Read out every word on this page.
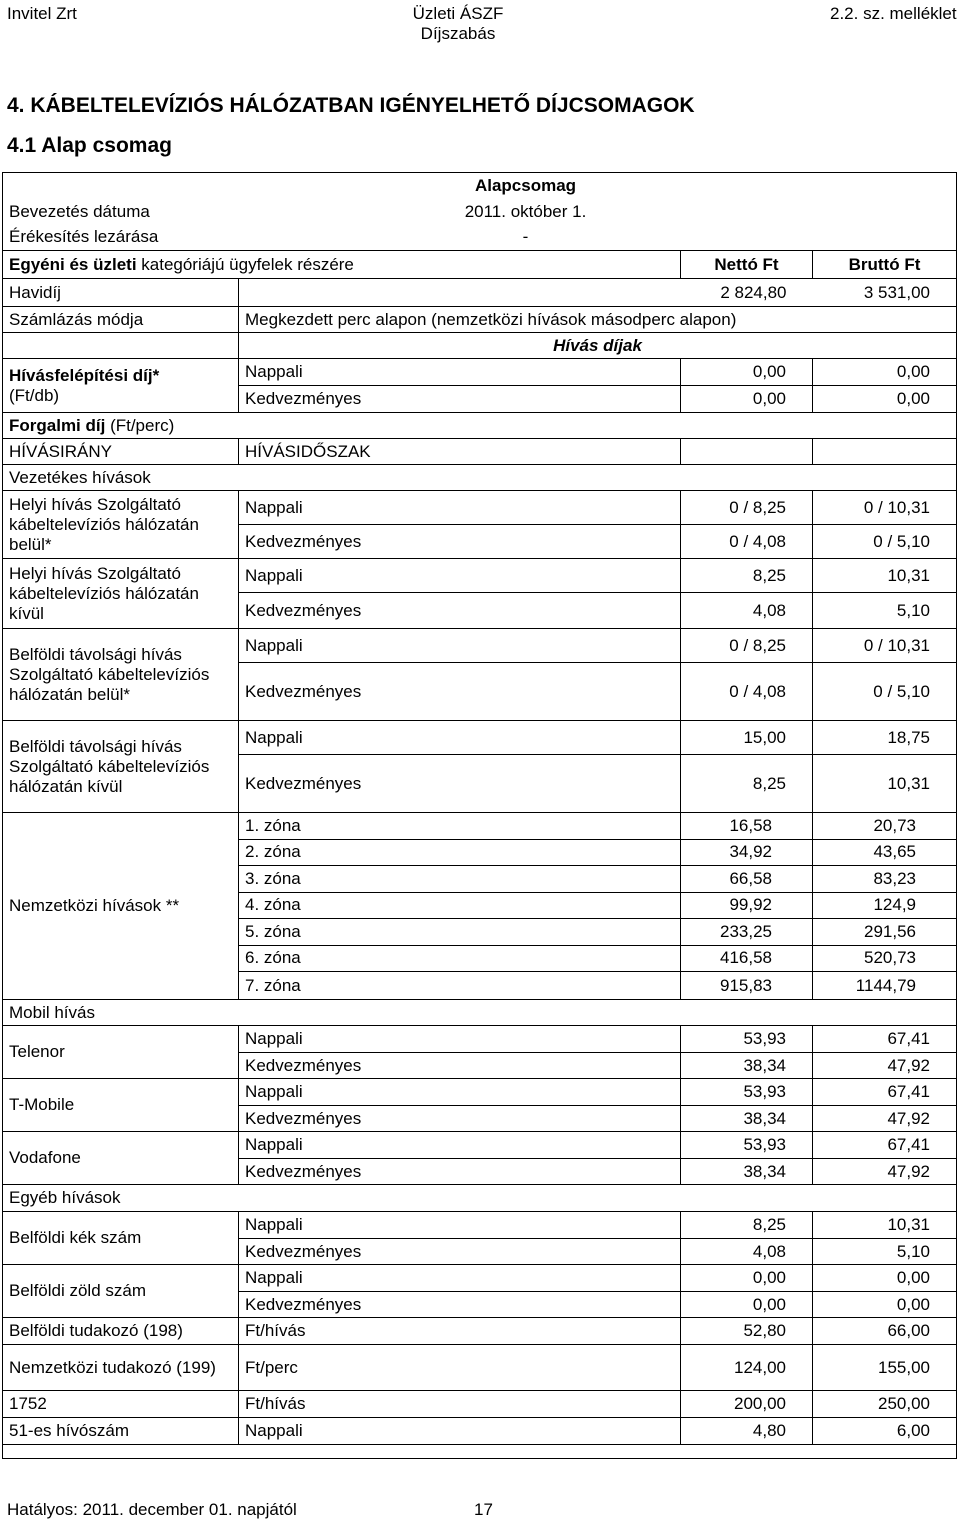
Invitel Zrt	Üzleti ÁSZF
Díjszabás
2.2. sz. melléklet
4. KÁBELTELEVÍZIÓS HÁLÓZATBAN IGÉNYELHETŐ DÍJCSOMAGOK
4.1 Alap csomag
	Alapcsomag		
Bevezetés dátuma	2011. október 1.		
Érékesítés lezárása	-		
Egyéni és üzleti kategóriájú ügyfelek részére		Nettó Ft	Bruttó Ft
Havidíj		2 824,80	3 531,00
Számlázás módja	Megkezdett perc alapon (nemzetközi hívások másodperc alapon)		
	Hívás díjak		

Hívásfelépítési díj*
(Ft/db)	Nappali	0,00	0,00
	Kedvezményes	0,00	0,00
Forgalmi díj (Ft/perc)			
HÍVÁSIRÁNY	HÍVÁSIDŐSZAK		
Vezetékes hívások			

Helyi hívás Szolgáltató kábeltelevíziós hálózatán belül*	Nappali	0 / 8,25	0 / 10,31
	Kedvezményes	0 / 4,08	0 / 5,10

Helyi hívás Szolgáltató kábeltelevíziós hálózatán kívül	Nappali	8,25	10,31
	Kedvezményes	4,08	5,10

Belföldi távolsági hívás Szolgáltató kábeltelevíziós hálózatán belül*	Nappali	0 / 8,25	0 / 10,31
	Kedvezményes	0 / 4,08	0 / 5,10

Belföldi távolsági hívás Szolgáltató kábeltelevíziós hálózatán kívül	Nappali	15,00	18,75
	Kedvezményes	8,25	10,31
Nemzetközi hívások **	1. zóna	16,58	20,73
	2. zóna	34,92	43,65
	3. zóna	66,58	83,23
	4. zóna	99,92	124,9
	5. zóna	233,25	291,56
	6. zóna	416,58	520,73
	7. zóna	915,83	1144,79
Mobil hívás			
Telenor	Nappali	53,93	67,41
	Kedvezményes	38,34	47,92
T-Mobile	Nappali	53,93	67,41
	Kedvezményes	38,34	47,92
Vodafone	Nappali	53,93	67,41
	Kedvezményes	38,34	47,92
Egyéb hívások			
Belföldi kék szám	Nappali	8,25	10,31
	Kedvezményes	4,08	5,10
Belföldi zöld szám	Nappali	0,00	0,00
	Kedvezményes	0,00	0,00
Belföldi tudakozó (198)	Ft/hívás	52,80	66,00
Nemzetközi tudakozó (199)	Ft/perc	124,00	155,00
1752	Ft/hívás	200,00	250,00
51-es hívószám	Nappali	4,80	6,00

Hatályos: 2011. december 01. napjától	17
